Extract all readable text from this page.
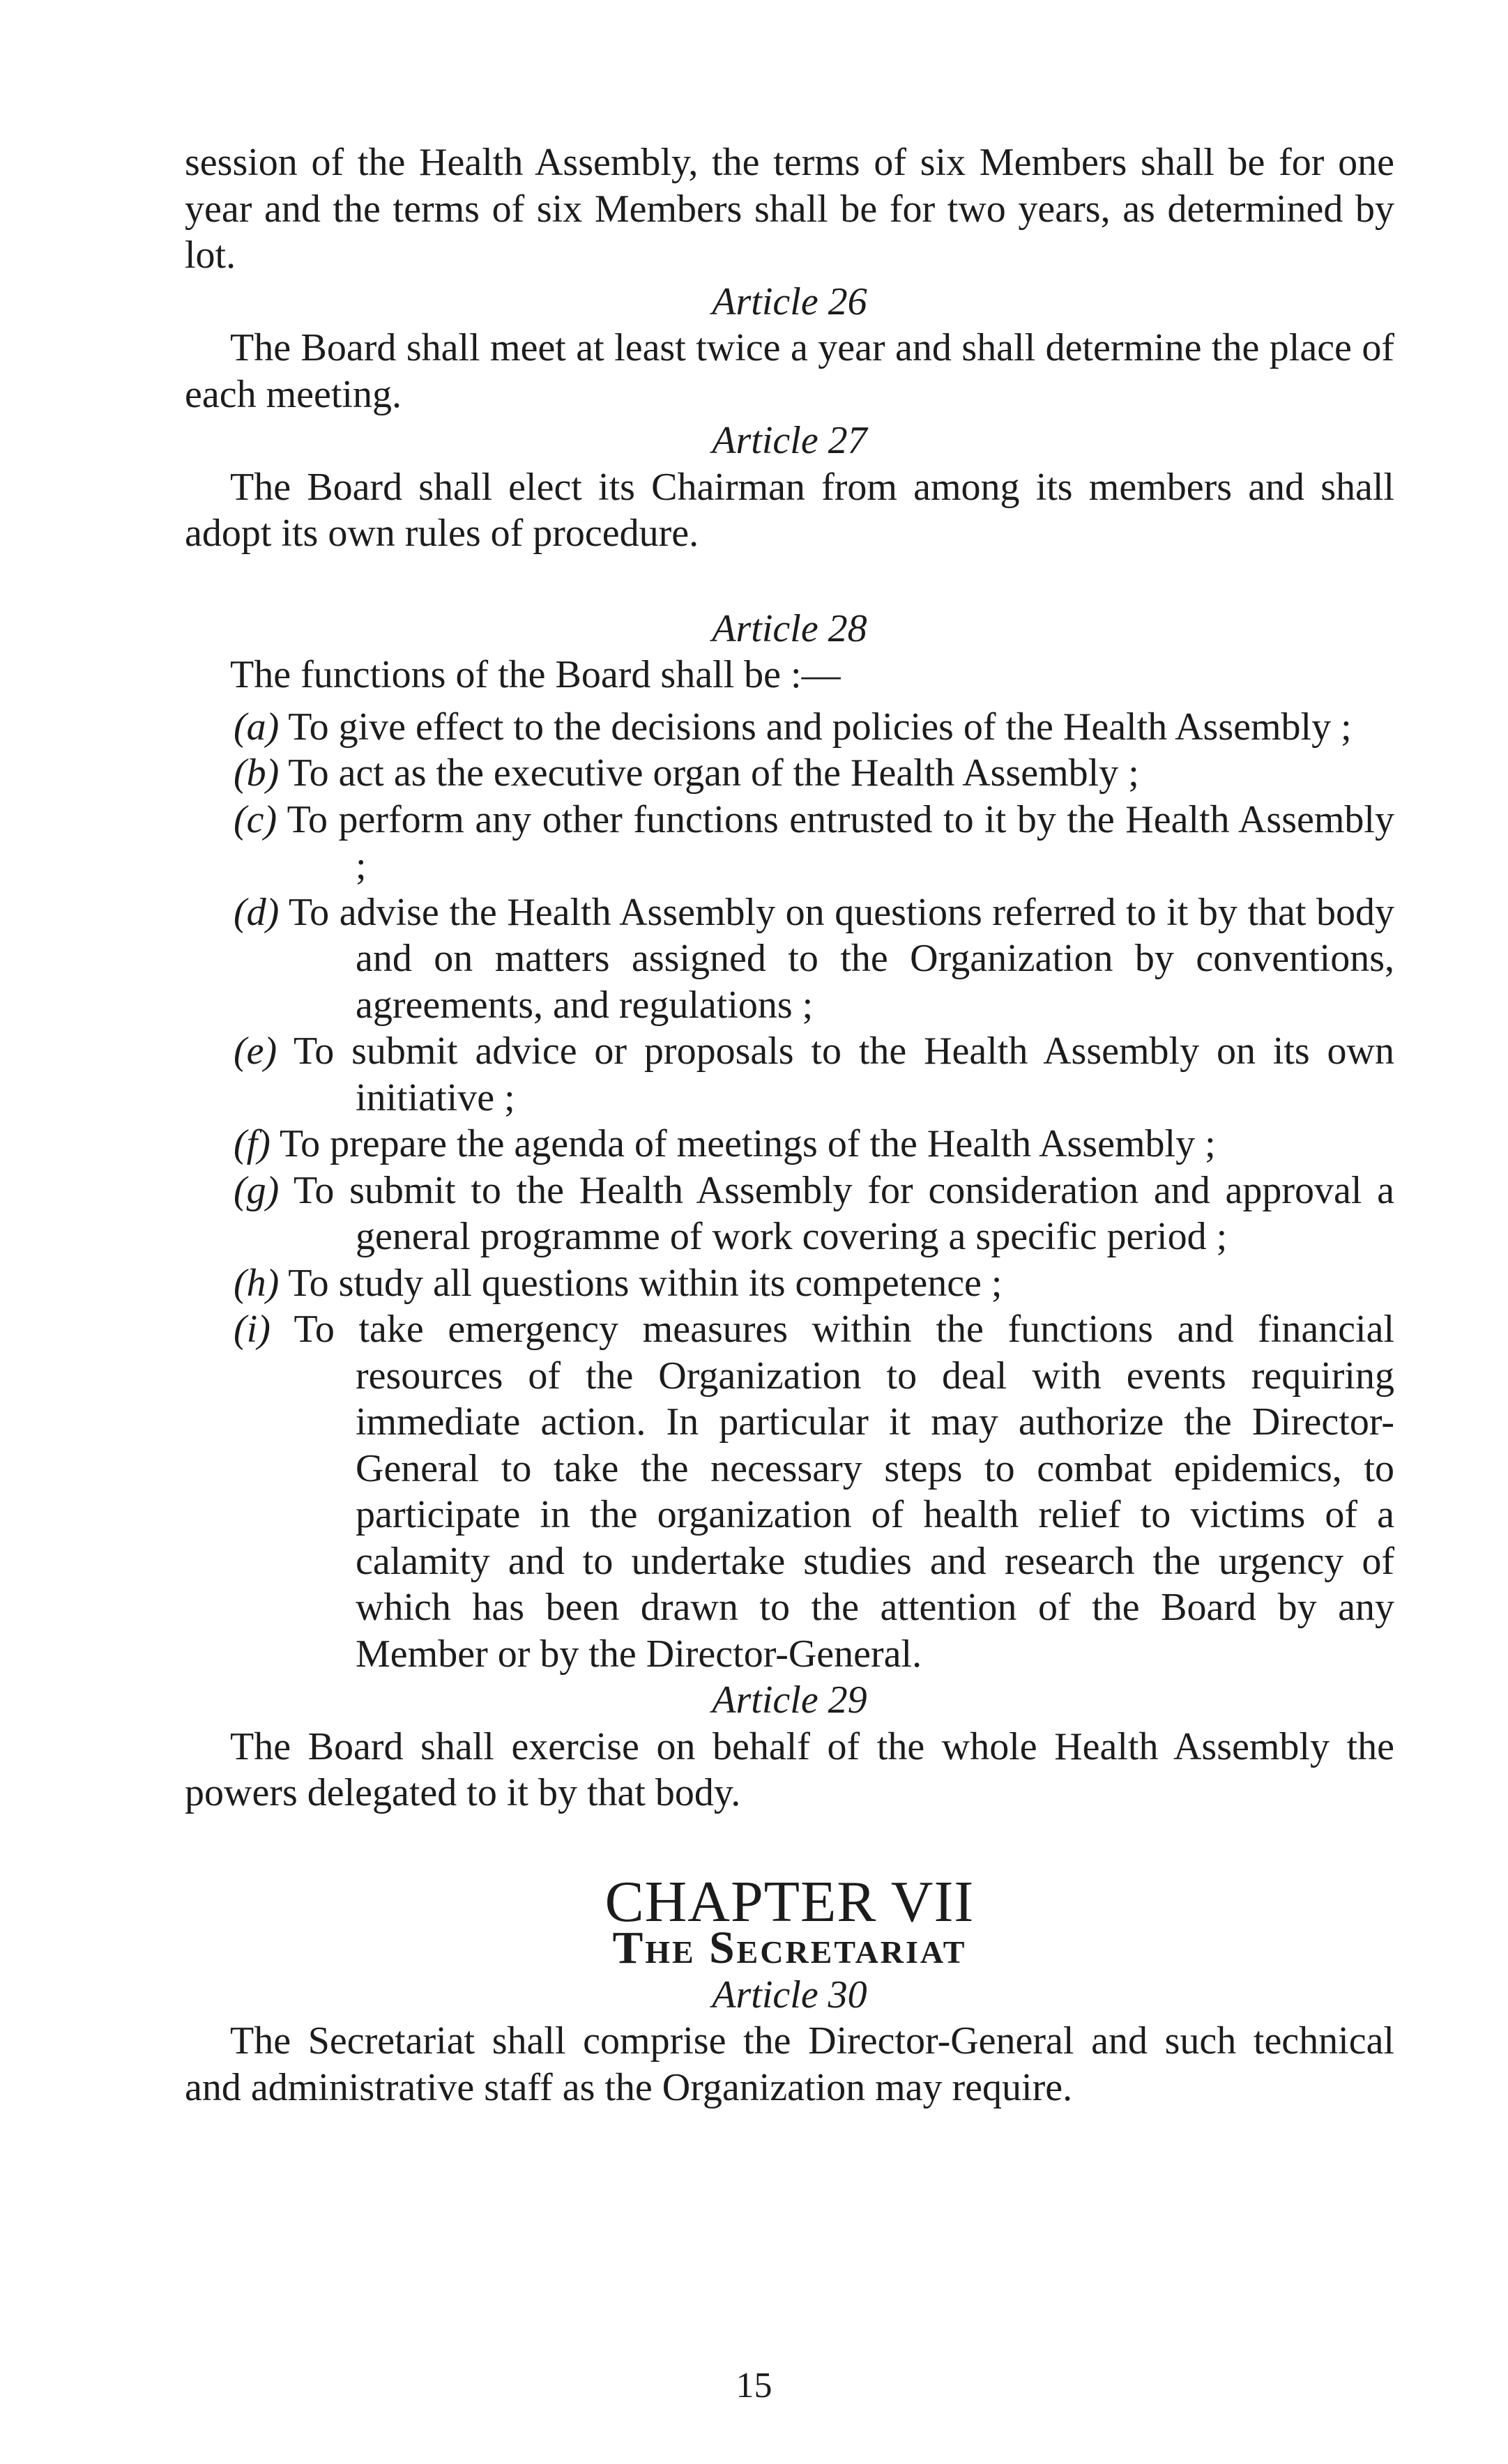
session of the Health Assembly, the terms of six Members shall be for one year and the terms of six Members shall be for two years, as determined by lot.

Article 26

The Board shall meet at least twice a year and shall determine the place of each meeting.

Article 27

The Board shall elect its Chairman from among its members and shall adopt its own rules of procedure.

Article 28

The functions of the Board shall be :—

(a) To give effect to the decisions and policies of the Health Assembly ;
(b) To act as the executive organ of the Health Assembly ;
(c) To perform any other functions entrusted to it by the Health Assembly ;
(d) To advise the Health Assembly on questions referred to it by that body and on matters assigned to the Organization by conventions, agreements, and regulations ;
(e) To submit advice or proposals to the Health Assembly on its own initiative ;
(f) To prepare the agenda of meetings of the Health Assembly ;
(g) To submit to the Health Assembly for consideration and approval a general programme of work covering a specific period ;
(h) To study all questions within its competence ;
(i) To take emergency measures within the functions and financial resources of the Organization to deal with events requiring immediate action. In particular it may authorize the Director-General to take the necessary steps to combat epidemics, to participate in the organization of health relief to victims of a calamity and to undertake studies and research the urgency of which has been drawn to the attention of the Board by any Member or by the Director-General.
Article 29

The Board shall exercise on behalf of the whole Health Assembly the powers delegated to it by that body.

CHAPTER VII
The Secretariat
Article 30

The Secretariat shall comprise the Director-General and such technical and administrative staff as the Organization may require.

15
